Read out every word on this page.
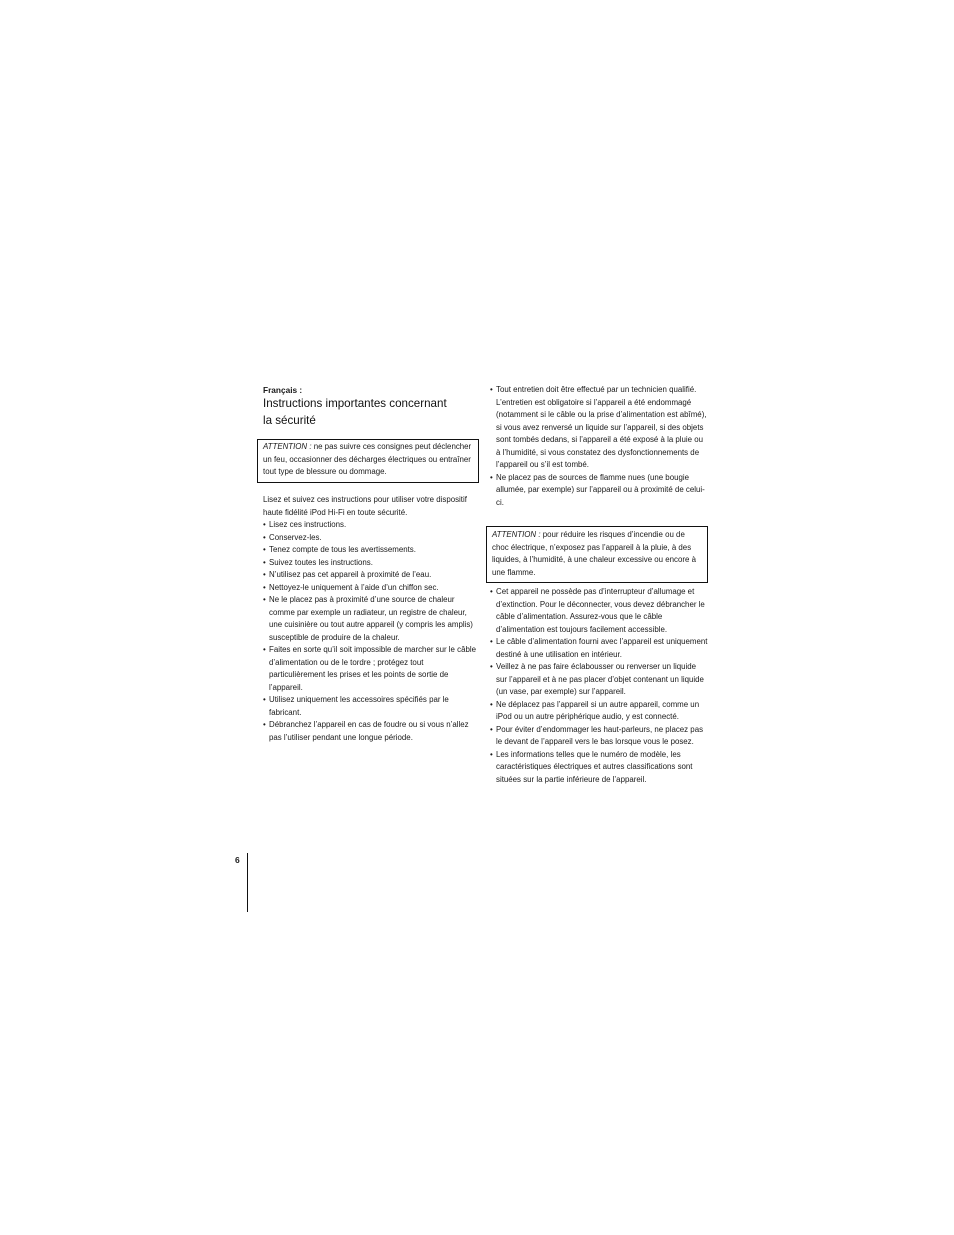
Français :

Instructions importantes concernant
la sécurité
ATTENTION : ne pas suivre ces consignes peut déclencher un feu, occasionner des décharges électriques ou entraîner tout type de blessure ou dommage.

Lisez et suivez ces instructions pour utiliser votre dispositif haute fidélité iPod Hi-Fi en toute sécurité.

• Lisez ces instructions.
• Conservez-les.
• Tenez compte de tous les avertissements.
• Suivez toutes les instructions.
• N’utilisez pas cet appareil à proximité de l’eau.
• Nettoyez-le uniquement à l’aide d’un chiffon sec.
• Ne le placez pas à proximité d’une source de chaleur comme par exemple un radiateur, un registre de chaleur, une cuisinière ou tout autre appareil (y compris les amplis) susceptible de produire de la chaleur.
• Faites en sorte qu’il soit impossible de marcher sur le câble d’alimentation ou de le tordre ; protégez tout particulièrement les prises et les points de sortie de l’appareil.
• Utilisez uniquement les accessoires spécifiés par le fabricant.
• Débranchez l’appareil en cas de foudre ou si vous n’allez pas l’utiliser pendant une longue période.
• Tout entretien doit être effectué par un technicien qualifié. L’entretien est obligatoire si l’appareil a été endommagé (notamment si le câble ou la prise d’alimentation est abîmé), si vous avez renversé un liquide sur l’appareil, si des objets sont tombés dedans, si l’appareil a été exposé à la pluie ou à l’humidité, si vous constatez des dysfonctionnements de l’appareil ou s’il est tombé.
• Ne placez pas de sources de flamme nues (une bougie allumée, par exemple) sur l’appareil ou à proximité de celui-ci.
ATTENTION : pour réduire les risques d’incendie ou de choc électrique, n’exposez pas l’appareil à la pluie, à des liquides, à l’humidité, à une chaleur excessive ou encore à une flamme.
• Cet appareil ne possède pas d’interrupteur d’allumage et d’extinction. Pour le déconnecter, vous devez débrancher le câble d’alimentation. Assurez-vous que le câble d’alimentation est toujours facilement accessible.
• Le câble d’alimentation fourni avec l’appareil est uniquement destiné à une utilisation en intérieur.
• Veillez à ne pas faire éclabousser ou renverser un liquide sur l’appareil et à ne pas placer d’objet contenant un liquide (un vase, par exemple) sur l’appareil.
• Ne déplacez pas l’appareil si un autre appareil, comme un iPod ou un autre périphérique audio, y est connecté.
• Pour éviter d’endommager les haut-parleurs, ne placez pas le devant de l’appareil vers le bas lorsque vous le posez.
• Les informations telles que le numéro de modèle, les caractéristiques électriques et autres classifications sont situées sur la partie inférieure de l’appareil.
6
